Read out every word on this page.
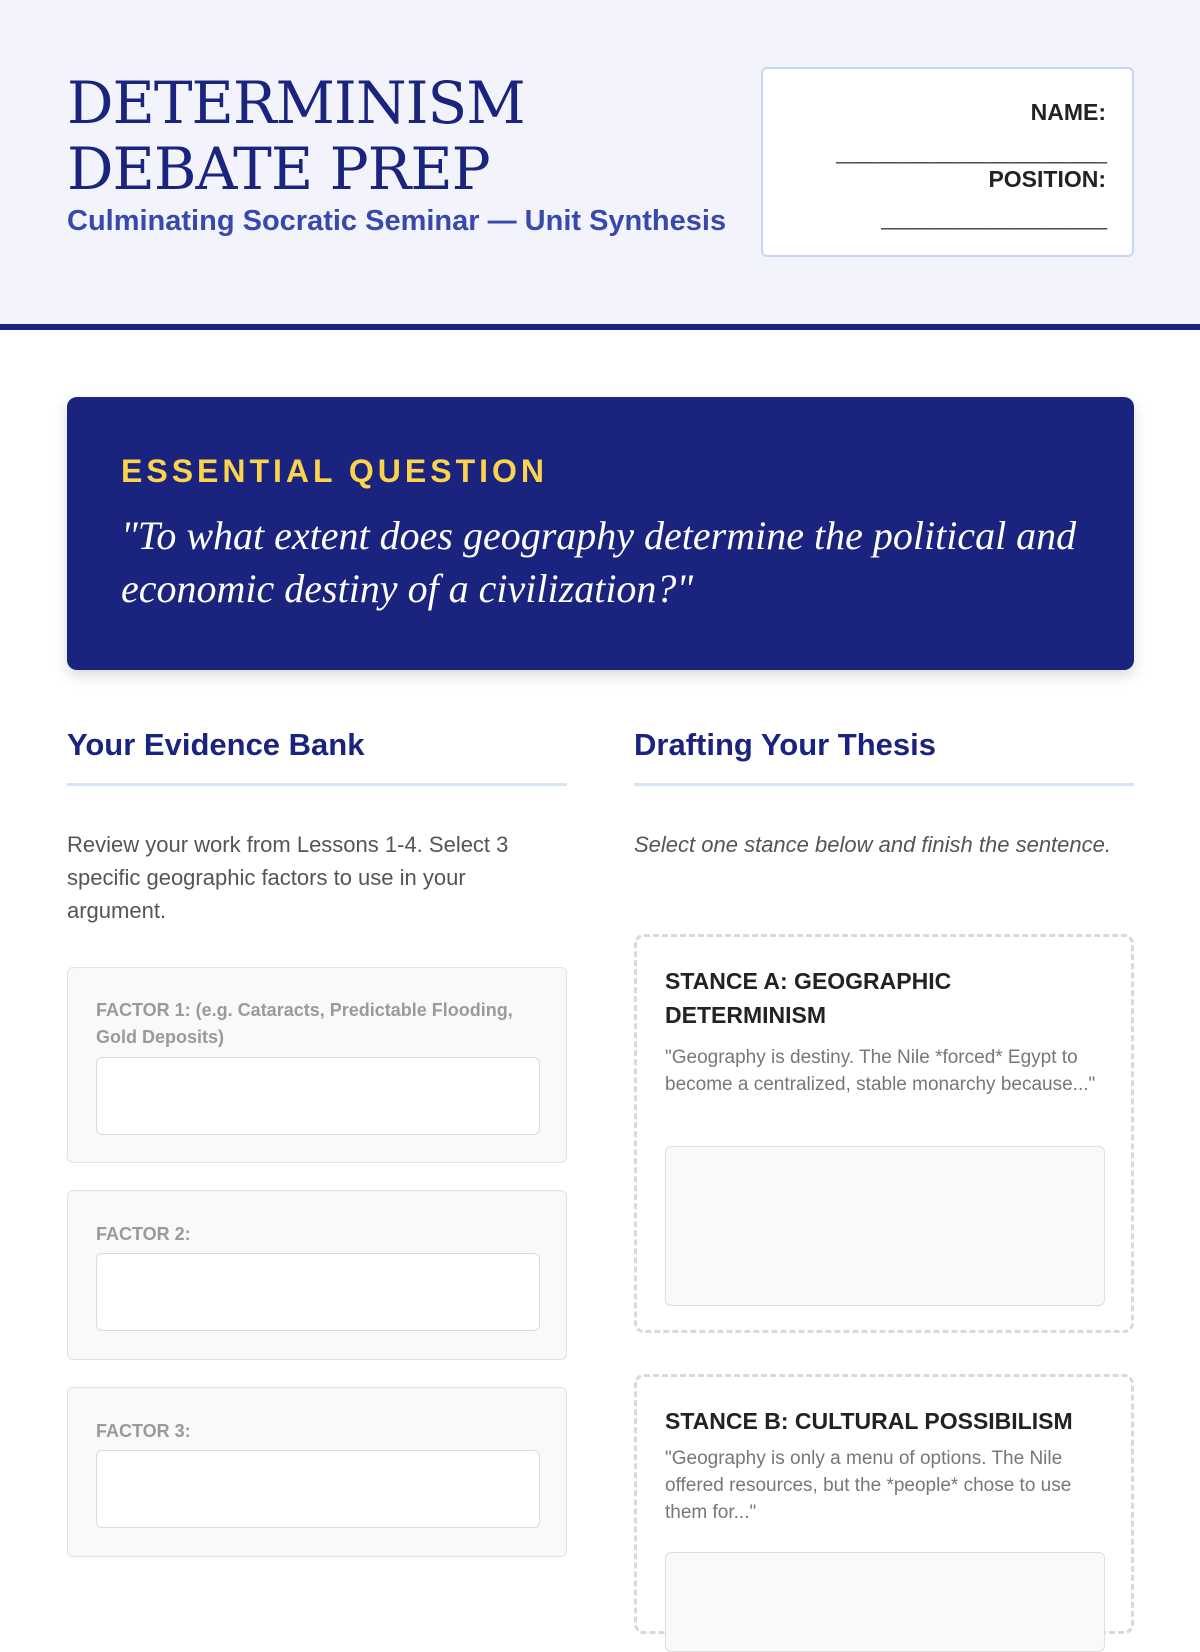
DETERMINISM DEBATE PREP
Culminating Socratic Seminar — Unit Synthesis
NAME:
________________________
POSITION:
____________________
ESSENTIAL QUESTION
"To what extent does geography determine the political and economic destiny of a civilization?"
Your Evidence Bank
Review your work from Lessons 1-4. Select 3 specific geographic factors to use in your argument.
FACTOR 1: (e.g. Cataracts, Predictable Flooding, Gold Deposits)
FACTOR 2:
FACTOR 3:
Drafting Your Thesis
Select one stance below and finish the sentence.
STANCE A: GEOGRAPHIC DETERMINISM
"Geography is destiny. The Nile *forced* Egypt to become a centralized, stable monarchy because..."
STANCE B: CULTURAL POSSIBILISM
"Geography is only a menu of options. The Nile offered resources, but the *people* chose to use them for..."
